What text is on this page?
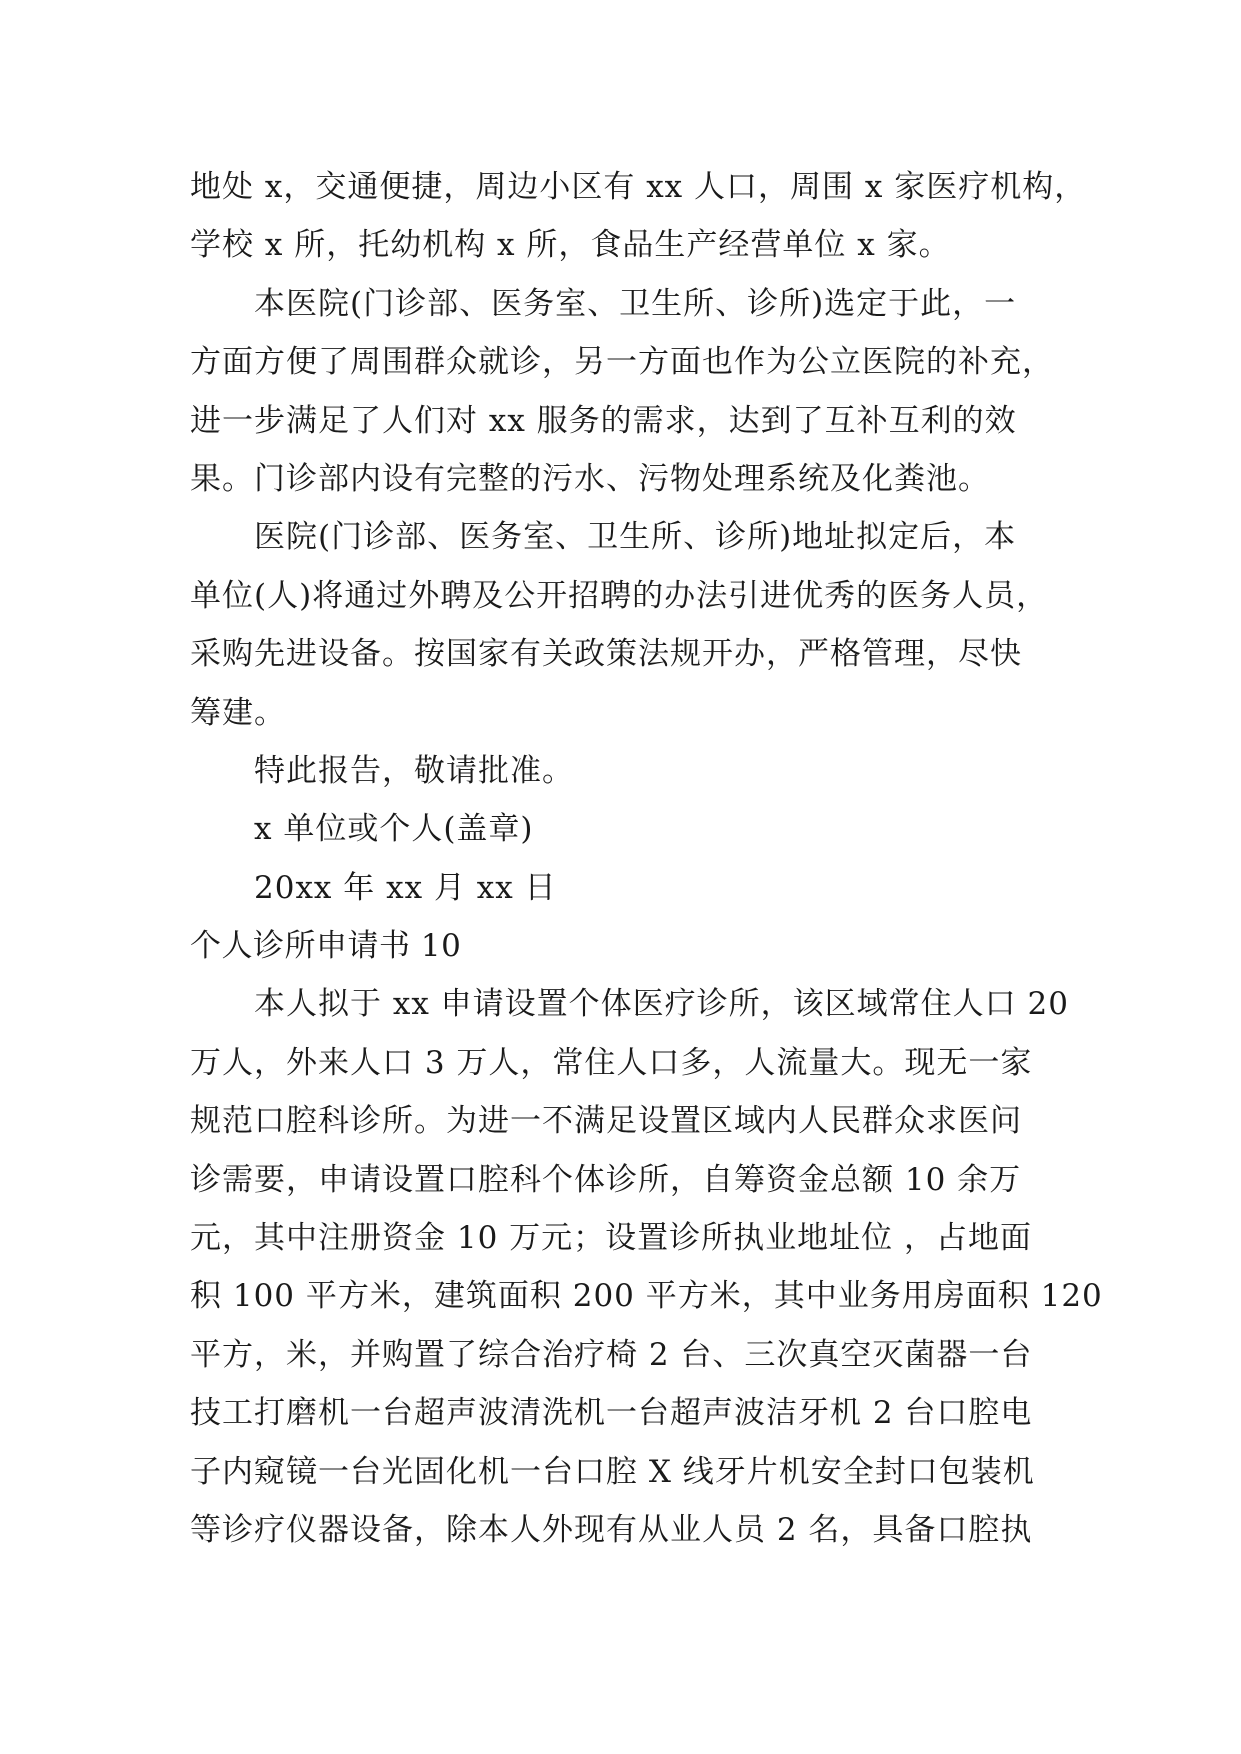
地处 x，交通便捷，周边小区有 xx 人口，周围 x 家医疗机构，
学校 x 所，托幼机构 x 所，食品生产经营单位 x 家。
本医院(门诊部、医务室、卫生所、诊所)选定于此，一
方面方便了周围群众就诊，另一方面也作为公立医院的补充，
进一步满足了人们对 xx 服务的需求，达到了互补互利的效
果。门诊部内设有完整的污水、污物处理系统及化粪池。
医院(门诊部、医务室、卫生所、诊所)地址拟定后，本
单位(人)将通过外聘及公开招聘的办法引进优秀的医务人员，
采购先进设备。按国家有关政策法规开办，严格管理，尽快
筹建。
特此报告，敬请批准。
x 单位或个人(盖章)
20xx 年 xx 月 xx 日
个人诊所申请书 10
本人拟于 xx 申请设置个体医疗诊所，该区域常住人口 20
万人，外来人口 3 万人，常住人口多，人流量大。现无一家
规范口腔科诊所。为进一不满足设置区域内人民群众求医问
诊需要，申请设置口腔科个体诊所，自筹资金总额 10 余万
元，其中注册资金 10 万元；设置诊所执业地址位 ，占地面
积 100 平方米，建筑面积 200 平方米，其中业务用房面积 120
平方，米，并购置了综合治疗椅 2 台、三次真空灭菌器一台
技工打磨机一台超声波清洗机一台超声波洁牙机 2 台口腔电
子内窥镜一台光固化机一台口腔 X 线牙片机安全封口包装机
等诊疗仪器设备，除本人外现有从业人员 2 名，具备口腔执
